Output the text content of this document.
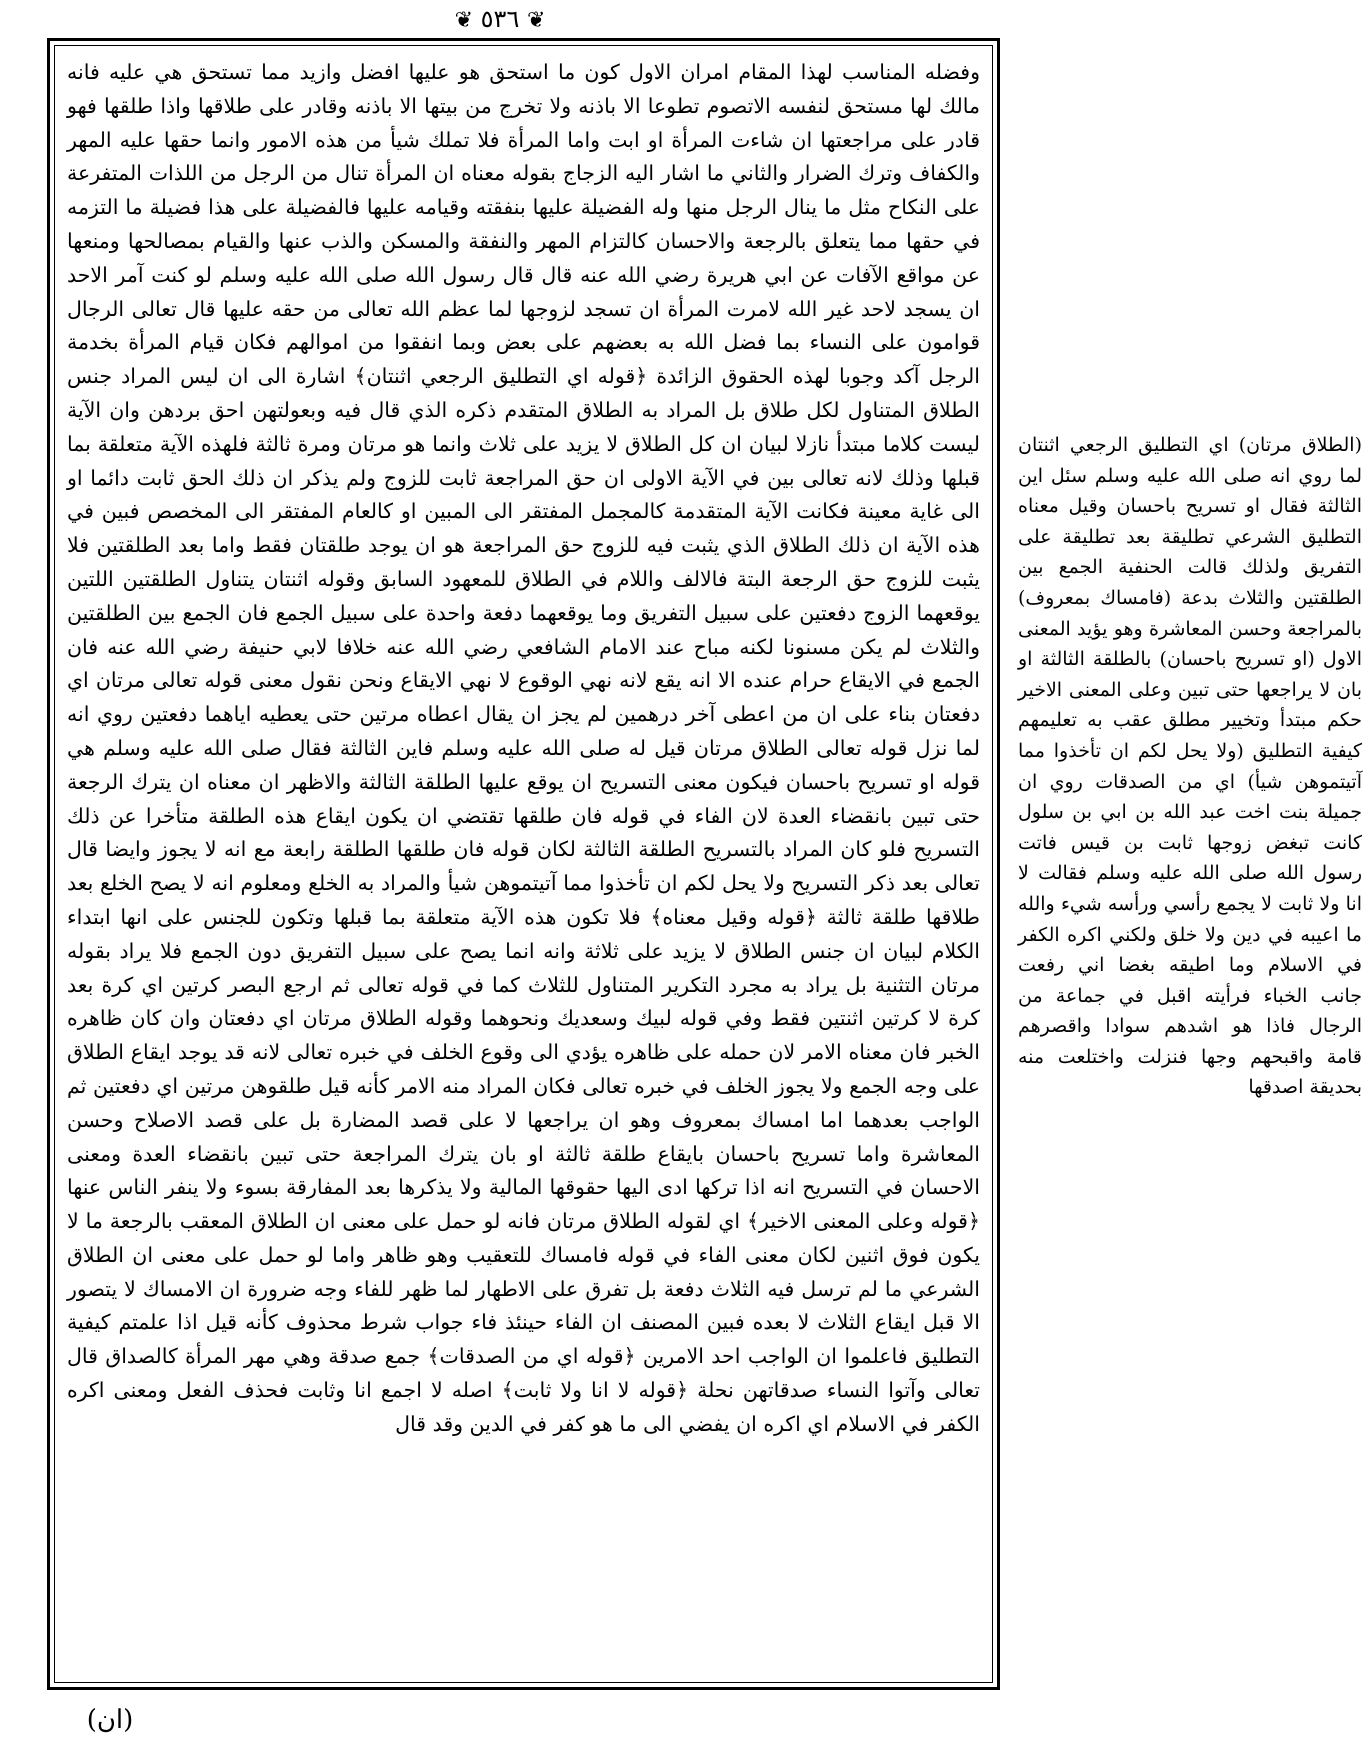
❦ ٥٣٦ ❦

وفضله المناسب لهذا المقام امران الاول كون ما استحق هو عليها افضل وازيد مما تستحق هي عليه فانه مالك لها مستحق لنفسه الاتصوم تطوعا الا باذنه ولا تخرج من بيتها الا باذنه وقادر على طلاقها واذا طلقها فهو قادر على مراجعتها ان شاءت المرأة او ابت واما المرأة فلا تملك شيأ من هذه الامور وانما حقها عليه المهر والكفاف وترك الضرار والثاني ما اشار اليه الزجاج بقوله معناه ان المرأة تنال من الرجل من اللذات المتفرعة على النكاح مثل ما ينال الرجل منها وله الفضيلة عليها بنفقته وقيامه عليها فالفضيلة على هذا فضيلة ما التزمه في حقها مما يتعلق بالرجعة والاحسان كالتزام المهر والنفقة والمسكن والذب عنها والقيام بمصالحها ومنعها عن مواقع الآفات عن ابي هريرة رضي الله عنه قال قال رسول الله صلى الله عليه وسلم لو كنت آمر الاحد ان يسجد لاحد غير الله لامرت المرأة ان تسجد لزوجها لما عظم الله تعالى من حقه عليها قال تعالى الرجال قوامون على النساء بما فضل الله به بعضهم على بعض وبما انفقوا من اموالهم فكان قيام المرأة بخدمة الرجل آكد وجوبا لهذه الحقوق الزائدة ﴿قوله اي التطليق الرجعي اثنتان﴾ اشارة الى ان ليس المراد جنس الطلاق المتناول لكل طلاق بل المراد به الطلاق المتقدم ذكره الذي قال فيه وبعولتهن احق بردهن وان الآية ليست كلاما مبتدأ نازلا لبيان ان كل الطلاق لا يزيد على ثلاث وانما هو مرتان ومرة ثالثة فلهذه الآية متعلقة بما قبلها وذلك لانه تعالى بين في الآية الاولى ان حق المراجعة ثابت للزوج ولم يذكر ان ذلك الحق ثابت دائما او الى غاية معينة فكانت الآية المتقدمة كالمجمل المفتقر الى المبين او كالعام المفتقر الى المخصص فبين في هذه الآية ان ذلك الطلاق الذي يثبت فيه للزوج حق المراجعة هو ان يوجد طلقتان فقط واما بعد الطلقتين فلا يثبت للزوج حق الرجعة البتة فالالف واللام في الطلاق للمعهود السابق وقوله اثنتان يتناول الطلقتين اللتين يوقعهما الزوج دفعتين على سبيل التفريق وما يوقعهما دفعة واحدة على سبيل الجمع فان الجمع بين الطلقتين والثلاث لم يكن مسنونا لكنه مباح عند الامام الشافعي رضي الله عنه خلافا لابي حنيفة رضي الله عنه فان الجمع في الايقاع حرام عنده الا انه يقع لانه نهي الوقوع لا نهي الايقاع ونحن نقول معنى قوله تعالى مرتان اي دفعتان بناء على ان من اعطى آخر درهمين لم يجز ان يقال اعطاه مرتين حتى يعطيه اياهما دفعتين روي انه لما نزل قوله تعالى الطلاق مرتان قيل له صلى الله عليه وسلم فاين الثالثة فقال صلى الله عليه وسلم هي قوله او تسريح باحسان فيكون معنى التسريح ان يوقع عليها الطلقة الثالثة والاظهر ان معناه ان يترك الرجعة حتى تبين بانقضاء العدة لان الفاء في قوله فان طلقها تقتضي ان يكون ايقاع هذه الطلقة متأخرا عن ذلك التسريح فلو كان المراد بالتسريح الطلقة الثالثة لكان قوله فان طلقها الطلقة رابعة مع انه لا يجوز وايضا قال تعالى بعد ذكر التسريح ولا يحل لكم ان تأخذوا مما آتيتموهن شيأ والمراد به الخلع ومعلوم انه لا يصح الخلع بعد طلاقها طلقة ثالثة ﴿قوله وقيل معناه﴾ فلا تكون هذه الآية متعلقة بما قبلها وتكون للجنس على انها ابتداء الكلام لبيان ان جنس الطلاق لا يزيد على ثلاثة وانه انما يصح على سبيل التفريق دون الجمع فلا يراد بقوله مرتان التثنية بل يراد به مجرد التكرير المتناول للثلاث كما في قوله تعالى ثم ارجع البصر كرتين اي كرة بعد كرة لا كرتين اثنتين فقط وفي قوله لبيك وسعديك ونحوهما وقوله الطلاق مرتان اي دفعتان وان كان ظاهره الخبر فان معناه الامر لان حمله على ظاهره يؤدي الى وقوع الخلف في خبره تعالى لانه قد يوجد ايقاع الطلاق على وجه الجمع ولا يجوز الخلف في خبره تعالى فكان المراد منه الامر كأنه قيل طلقوهن مرتين اي دفعتين ثم الواجب بعدهما اما امساك بمعروف وهو ان يراجعها لا على قصد المضارة بل على قصد الاصلاح وحسن المعاشرة واما تسريح باحسان بايقاع طلقة ثالثة او بان يترك المراجعة حتى تبين بانقضاء العدة ومعنى الاحسان في التسريح انه اذا تركها ادى اليها حقوقها المالية ولا يذكرها بعد المفارقة بسوء ولا ينفر الناس عنها ﴿قوله وعلى المعنى الاخير﴾ اي لقوله الطلاق مرتان فانه لو حمل على معنى ان الطلاق المعقب بالرجعة ما لا يكون فوق اثنين لكان معنى الفاء في قوله فامساك للتعقيب وهو ظاهر واما لو حمل على معنى ان الطلاق الشرعي ما لم ترسل فيه الثلاث دفعة بل تفرق على الاطهار لما ظهر للفاء وجه ضرورة ان الامساك لا يتصور الا قبل ايقاع الثلاث لا بعده فبين المصنف ان الفاء حينئذ فاء جواب شرط محذوف كأنه قيل اذا علمتم كيفية التطليق فاعلموا ان الواجب احد الامرين ﴿قوله اي من الصدقات﴾ جمع صدقة وهي مهر المرأة كالصداق قال تعالى وآتوا النساء صدقاتهن نحلة ﴿قوله لا انا ولا ثابت﴾ اصله لا اجمع انا وثابت فحذف الفعل ومعنى اكره الكفر في الاسلام اي اكره ان يفضي الى ما هو كفر في الدين وقد قال

(الطلاق مرتان) اي التطليق الرجعي اثنتان لما روي انه صلى الله عليه وسلم سئل اين الثالثة فقال او تسريح باحسان وقيل معناه التطليق الشرعي تطليقة بعد تطليقة على التفريق ولذلك قالت الحنفية الجمع بين الطلقتين والثلاث بدعة (فامساك بمعروف) بالمراجعة وحسن المعاشرة وهو يؤيد المعنى الاول (او تسريح باحسان) بالطلقة الثالثة او بان لا يراجعها حتى تبين وعلى المعنى الاخير حكم مبتدأ وتخيير مطلق عقب به تعليمهم كيفية التطليق (ولا يحل لكم ان تأخذوا مما آتيتموهن شيأ) اي من الصدقات روي ان جميلة بنت اخت عبد الله بن ابي بن سلول كانت تبغض زوجها ثابت بن قيس فاتت رسول الله صلى الله عليه وسلم فقالت لا انا ولا ثابت لا يجمع رأسي ورأسه شيء والله ما اعيبه في دين ولا خلق ولكني اكره الكفر في الاسلام وما اطيقه بغضا اني رفعت جانب الخباء فرأيته اقبل في جماعة من الرجال فاذا هو اشدهم سوادا واقصرهم قامة واقبحهم وجها فنزلت واختلعت منه بحديقة اصدقها

(ان)
